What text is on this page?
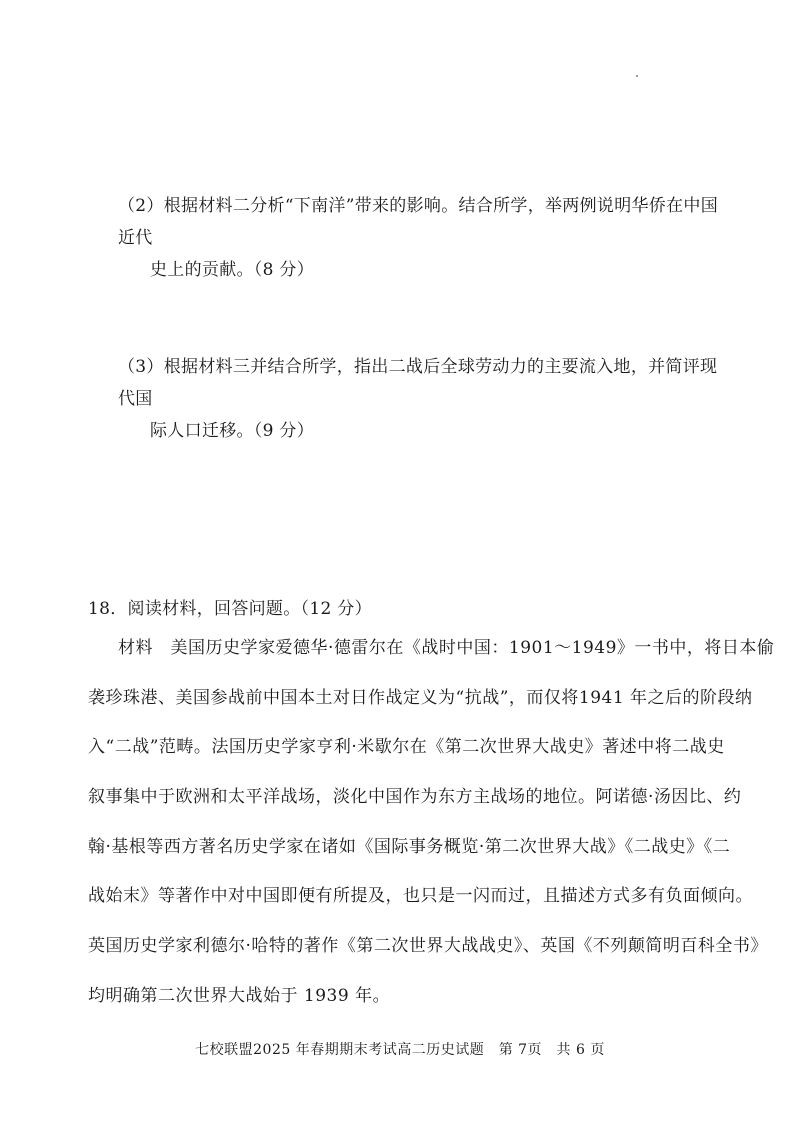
（2）根据材料二分析“下南洋”带来的影响。结合所学，举两例说明华侨在中国近代
史上的贡献。（8 分）
（3）根据材料三并结合所学，指出二战后全球劳动力的主要流入地，并简评现代国
际人口迁移。（9 分）
18．阅读材料，回答问题。（12 分）
材料　美国历史学家爱德华·德雷尔在《战时中国：1901～1949》一书中，将日本偷
袭珍珠港、美国参战前中国本土对日作战定义为“抗战”，而仅将1941 年之后的阶段纳
入“二战”范畴。法国历史学家亨利·米歇尔在《第二次世界大战史》著述中将二战史
叙事集中于欧洲和太平洋战场，淡化中国作为东方主战场的地位。阿诺德·汤因比、约
翰·基根等西方著名历史学家在诸如《国际事务概览·第二次世界大战》《二战史》《二
战始末》等著作中对中国即便有所提及，也只是一闪而过，且描述方式多有负面倾向。
英国历史学家利德尔·哈特的著作《第二次世界大战战史》、英国《不列颠简明百科全书》
均明确第二次世界大战始于 1939 年。
七校联盟2025 年春期期末考试高二历史试题　第 7页　共 6 页
